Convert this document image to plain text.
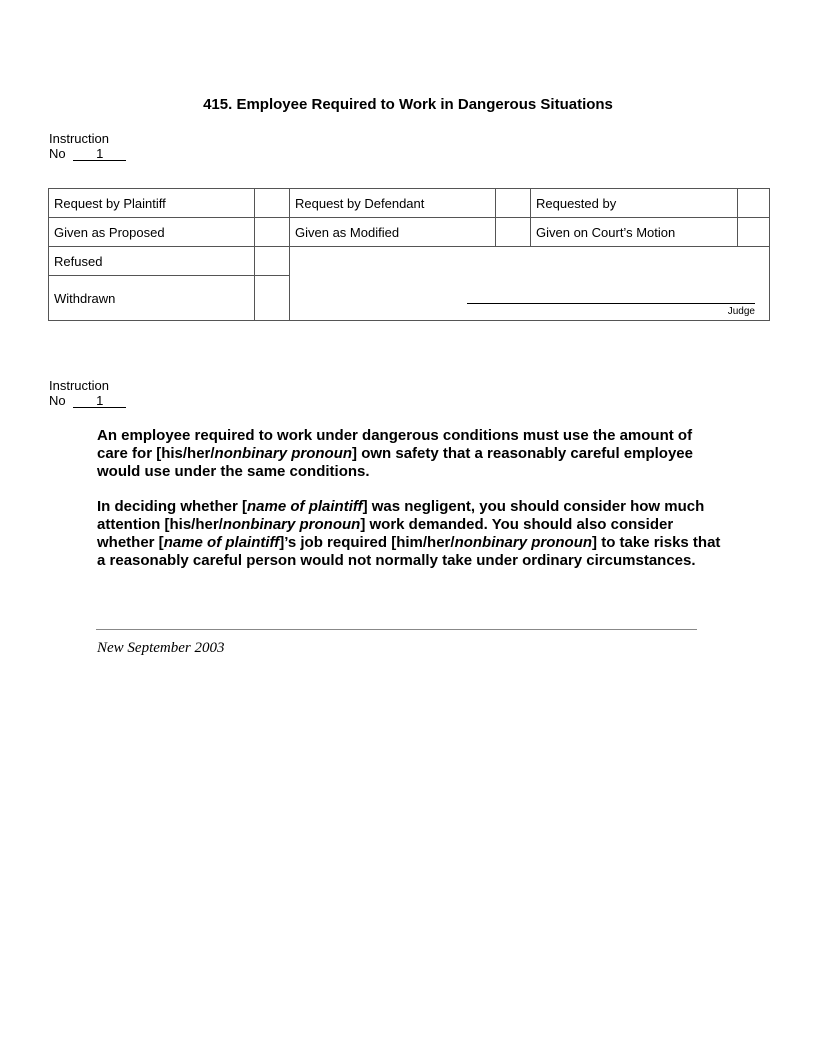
415. Employee Required to Work in Dangerous Situations
Instruction
No 1
Request by Plaintiff		Request by Defendant		Requested by	
Given as Proposed		Given as Modified		Given on Court’s Motion	
Refused		Judge			

Withdrawn					
Instruction
No 1

An employee required to work under dangerous conditions must use the amount of care for [his/her/nonbinary pronoun] own safety that a reasonably careful employee would use under the same conditions.

In deciding whether [name of plaintiff] was negligent, you should consider how much attention [his/her/nonbinary pronoun] work demanded. You should also consider whether [name of plaintiff]’s job required [him/her/nonbinary pronoun] to take risks that a reasonably careful person would not normally take under ordinary circumstances.

New September 2003
